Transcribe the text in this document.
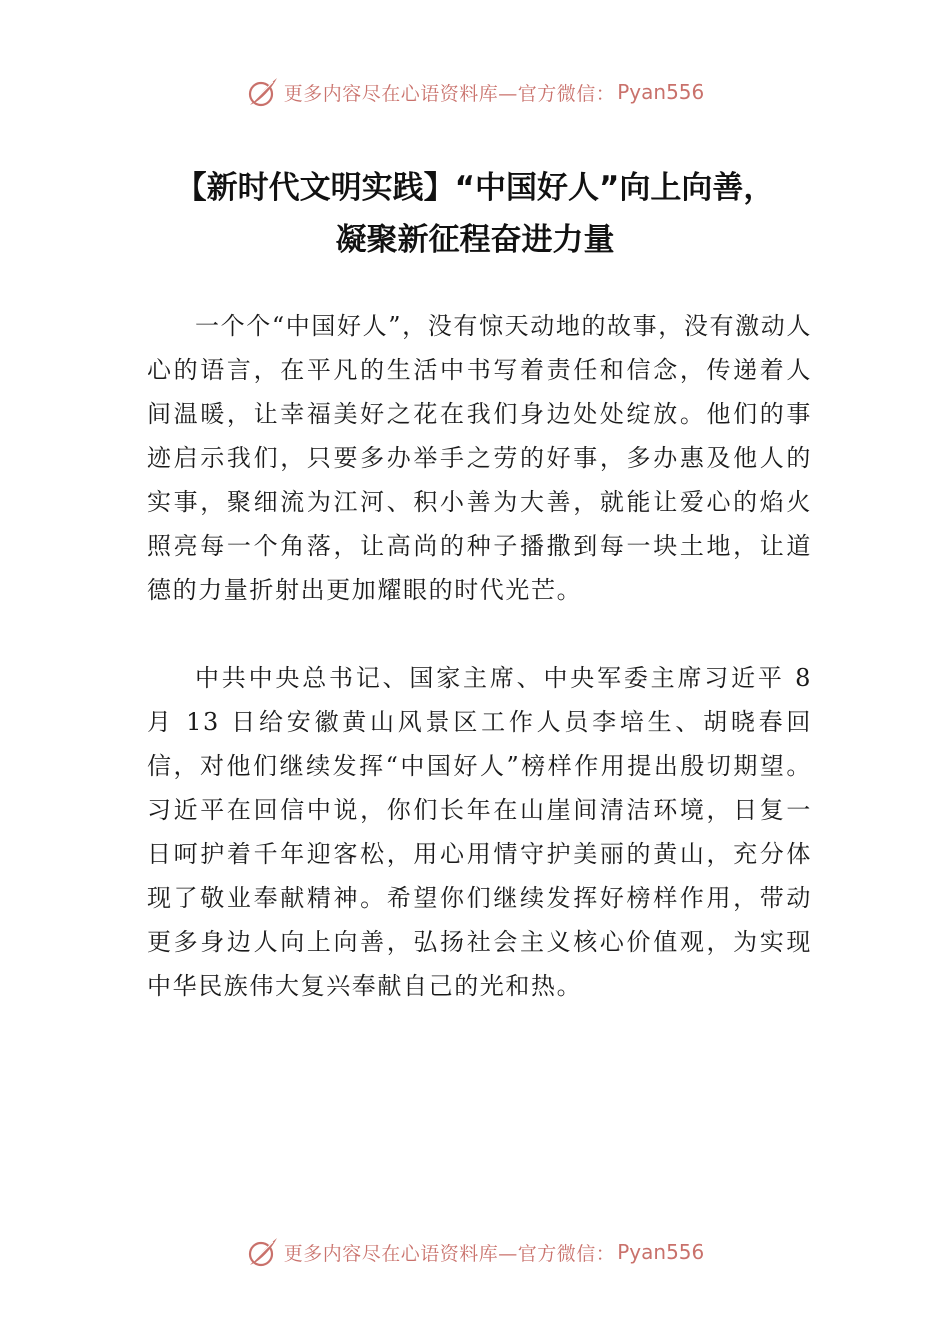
更多内容尽在心语资料库—官方微信： Pyan556
【新时代文明实践】“中国好人”向上向善，
凝聚新征程奋进力量

一个个“中国好人”，没有惊天动地的故事，没有激动人心的语言，在平凡的生活中书写着责任和信念，传递着人间温暖，让幸福美好之花在我们身边处处绽放。他们的事迹启示我们，只要多办举手之劳的好事，多办惠及他人的实事，聚细流为江河、积小善为大善，就能让爱心的焰火照亮每一个角落，让高尚的种子播撒到每一块土地，让道德的力量折射出更加耀眼的时代光芒。

中共中央总书记、国家主席、中央军委主席习近平 8 月 13 日给安徽黄山风景区工作人员李培生、胡晓春回信，对他们继续发挥“中国好人”榜样作用提出殷切期望。习近平在回信中说，你们长年在山崖间清洁环境，日复一日呵护着千年迎客松，用心用情守护美丽的黄山，充分体现了敬业奉献精神。希望你们继续发挥好榜样作用，带动更多身边人向上向善，弘扬社会主义核心价值观，为实现中华民族伟大复兴奉献自己的光和热。

更多内容尽在心语资料库—官方微信： Pyan556
